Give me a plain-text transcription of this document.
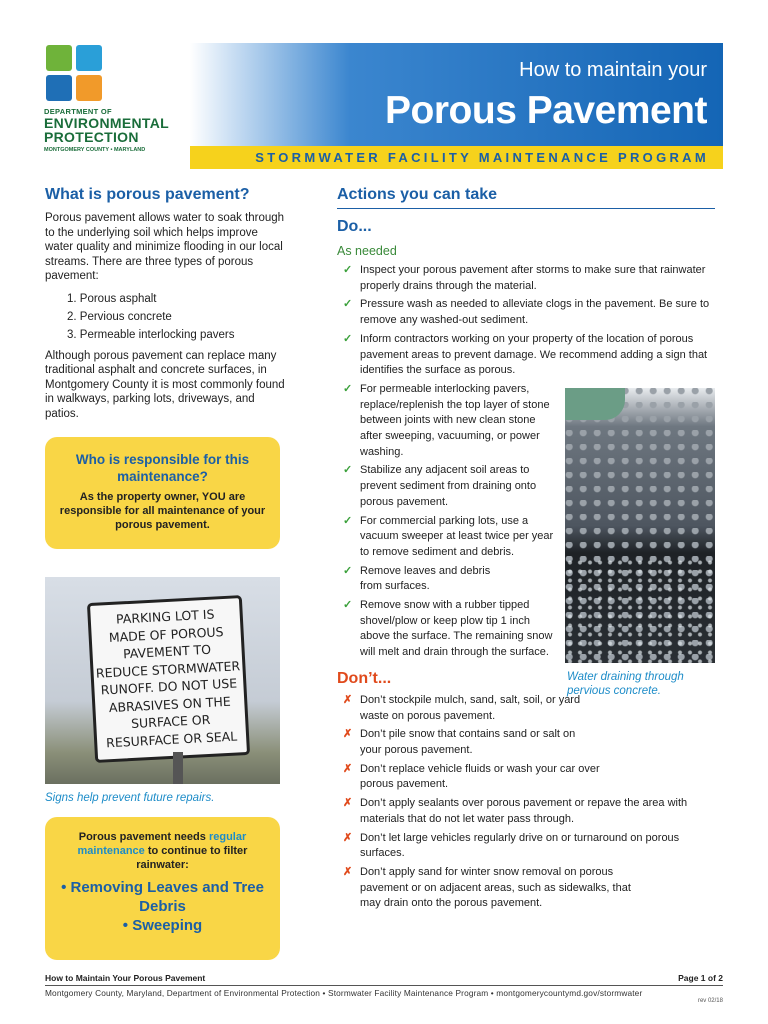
DEPARTMENT OF
ENVIRONMENTAL
PROTECTION
MONTGOMERY COUNTY • MARYLAND
How to maintain your
Porous Pavement
STORMWATER FACILITY MAINTENANCE PROGRAM
What is porous pavement?

Porous pavement allows water to soak through to the underlying soil which helps improve water quality and minimize flooding in our local streams. There are three types of porous pavement:

1. Porous asphalt
2. Pervious concrete
3. Permeable interlocking pavers

Although porous pavement can replace many traditional asphalt and concrete surfaces, in Montgomery County it is most commonly found in walkways, parking lots, driveways, and patios.

Who is responsible for this maintenance?
As the property owner, YOU are responsible for all maintenance of your porous pavement.
PARKING LOT IS
MADE OF POROUS
PAVEMENT TO
REDUCE STORMWATER
RUNOFF. DO NOT USE
ABRASIVES ON THE
SURFACE OR
RESURFACE OR SEAL
Signs help prevent future repairs.
Porous pavement needs regular maintenance to continue to filter rainwater:
• Removing Leaves and Tree Debris
• Sweeping
Actions you can take
Do...
As needed
✓ Inspect your porous pavement after storms to make sure that rainwater properly drains through the material.
✓ Pressure wash as needed to alleviate clogs in the pavement. Be sure to remove any washed-out sediment.
✓ Inform contractors working on your property of the location of porous pavement areas to prevent damage. We recommend adding a sign that identifies the surface as porous.
✓ For permeable interlocking pavers, replace/replenish the top layer of stone between joints with new clean stone after sweeping, vacuuming, or power washing.
✓ Stabilize any adjacent soil areas to prevent sediment from draining onto porous pavement.
✓ For commercial parking lots, use a vacuum sweeper at least twice per year to remove sediment and debris.
✓ Remove leaves and debris from surfaces.
✓ Remove snow with a rubber tipped shovel/plow or keep plow tip 1 inch above the surface. The remaining snow will melt and drain through the surface.
Don’t...
✗ Don’t stockpile mulch, sand, salt, soil, or yard waste on porous pavement.
✗ Don’t pile snow that contains sand or salt on your porous pavement.
✗ Don’t replace vehicle fluids or wash your car over porous pavement.
✗ Don’t apply sealants over porous pavement or repave the area with materials that do not let water pass through.
✗ Don’t let large vehicles regularly drive on or turnaround on porous surfaces.
✗ Don’t apply sand for winter snow removal on porous pavement or on adjacent areas, such as sidewalks, that may drain onto the porous pavement.
Water draining through pervious concrete.
How to Maintain Your Porous Pavement	Page 1 of 2
Montgomery County, Maryland, Department of Environmental Protection • Stormwater Facility Maintenance Program • montgomerycountymd.gov/stormwater
rev 02/18
